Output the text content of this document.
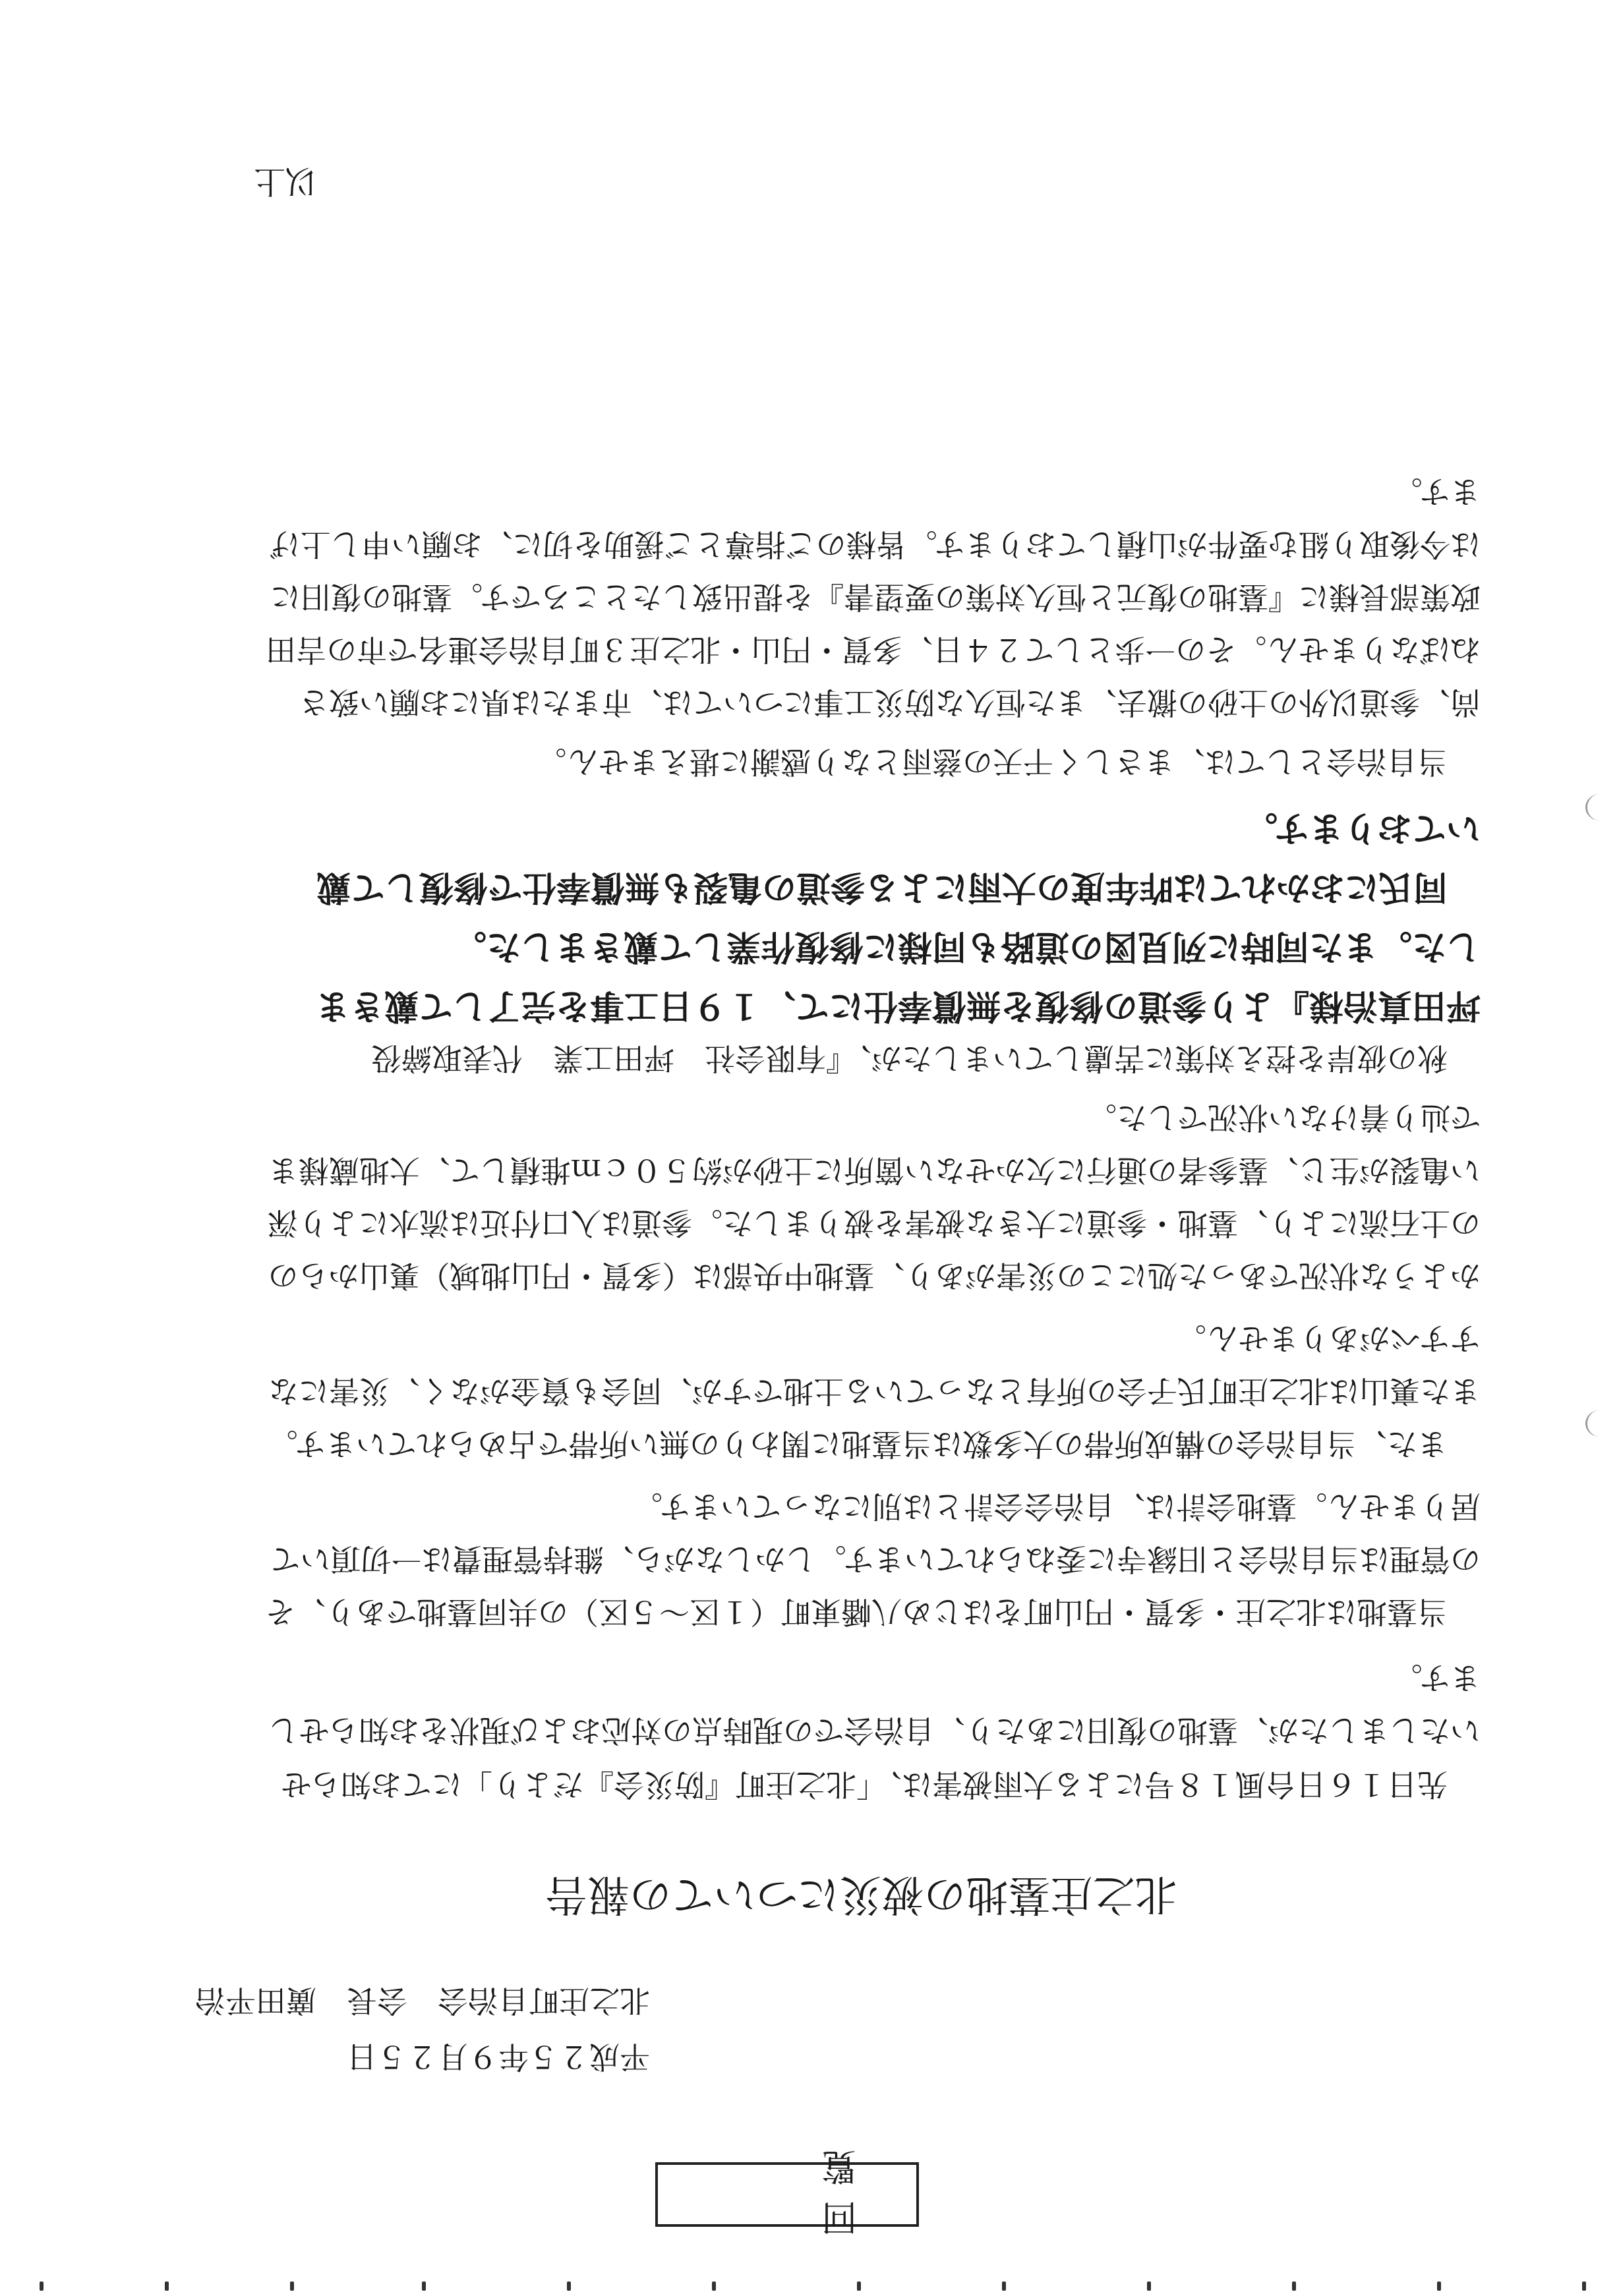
回　覧
平成２５年９月２５日
北之庄町自治会　会長　廣田平治
北之庄墓地の被災についての報告
先日１６日台風１８号による大雨被害は、「北之庄町『防災会』だより」にてお知らせ
いたしましたが、墓地の復旧にあたり、自治会での現時点の対応および現状をお知らせし
ます。
当墓地は北之庄・多賀・円山町をはじめ八幡東町（１区～５区）の共同墓地であり、そ
の管理は当自治会と旧縁寺に委ねられています。しかしながら、維持管理費は一切頂いて
居りません。墓地会計は、自治会会計とは別になっています。
また、当自治会の構成所帯の大多数は当墓地に関わりの無い所帯で占められています。
また裏山は北之庄町氏子会の所有となっている土地ですが、同会も資金がなく、災害にな
すすべがありません。
かような状況であった処にこの災害があり、墓地中央部は（多賀・円山地域）裏山からの
の土石流により、墓地・参道に大きな被害を被りました。参道は入口付近は流水により深
い亀裂が生じ、墓参者の通行に欠かせない箇所に土砂が約５０ｃｍ堆積して、大地蔵様ま
で辿り着けない状況でした。
秋の彼岸を控え対策に苦慮していましたが、『有限会社　坪田工業　代表取締役
坪田真治様』より参道の修復を無償奉仕にて、１９日工事を完了して戴きま
した。また同時に列見図の道路も同様に修復作業して戴きました。
同氏におかれては昨年度の大雨による参道の亀裂も無償奉仕で修復して戴
いております。
当自治会としては、まさしく干天の慈雨となり感謝に堪えません。
尚、参道以外の土砂の撤去、また恒久な防災工事については、市または県にお願い致さ
ねばなりません。その一歩として２４日、多賀・円山・北之庄３町自治会連名で市の吉田
政策部長様に『墓地の復元と恒久対策の要望書』を提出致したところです。墓地の復旧に
は今後取り組む要件が山積しております。皆様のご指導とご援助を切に、お願い申し上げ
ます。
以上
